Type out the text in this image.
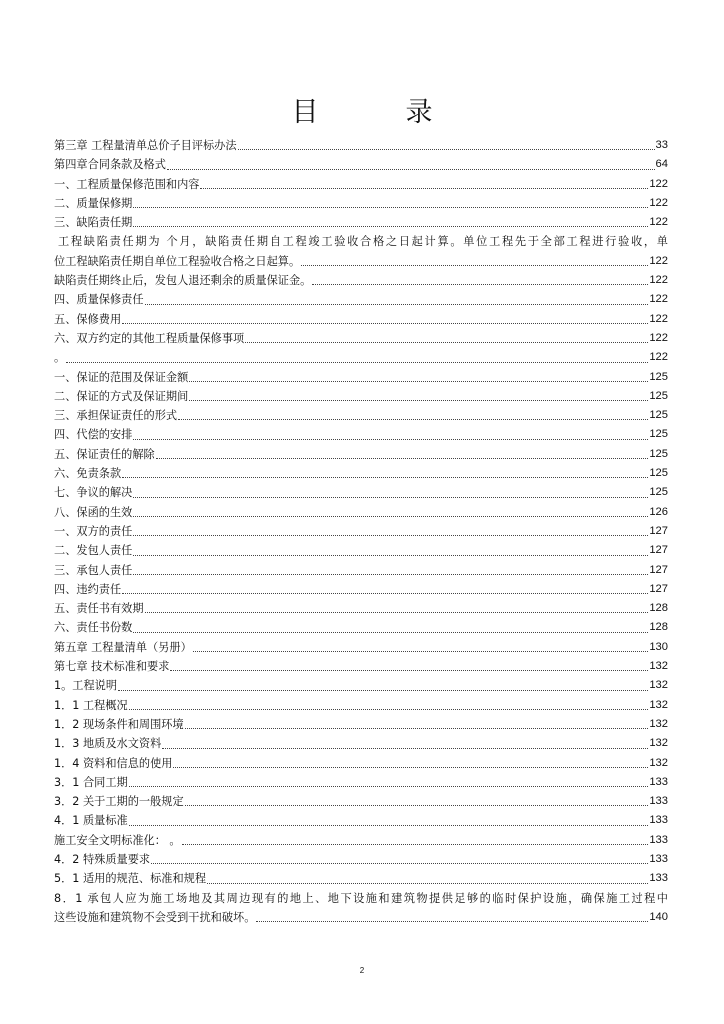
目　录
第三章 工程量清单总价子目评标办法	33
第四章合同条款及格式	64
一、工程质量保修范围和内容	122
二、质量保修期	122
三、缺陷责任期	122
工程缺陷责任期为 个月，缺陷责任期自工程竣工验收合格之日起计算。单位工程先于全部工程进行验收，单
位工程缺陷责任期自单位工程验收合格之日起算。	122
缺陷责任期终止后，发包人退还剩余的质量保证金。	122
四、质量保修责任	122
五、保修费用	122
六、双方约定的其他工程质量保修事项	122
。	122
一、保证的范围及保证金额	125
二、保证的方式及保证期间	125
三、承担保证责任的形式	125
四、代偿的安排	125
五、保证责任的解除	125
六、免责条款	125
七、争议的解决	125
八、保函的生效	126
一、双方的责任	127
二、发包人责任	127
三、承包人责任	127
四、违约责任	127
五、责任书有效期	128
六、责任书份数	128
第五章 工程量清单（另册）	130
第七章 技术标准和要求	132
1。工程说明	132
1．1 工程概况	132
1．2 现场条件和周围环境	132
1．3 地质及水文资料	132
1．4 资料和信息的使用	132
3．1 合同工期	133
3．2 关于工期的一般规定	133
4．1 质量标准	133
施工安全文明标准化： 。	133
4．2 特殊质量要求	133
5．1 适用的规范、标准和规程	133
8．1 承包人应为施工场地及其周边现有的地上、地下设施和建筑物提供足够的临时保护设施，确保施工过程中
这些设施和建筑物不会受到干扰和破坏。	140
2
